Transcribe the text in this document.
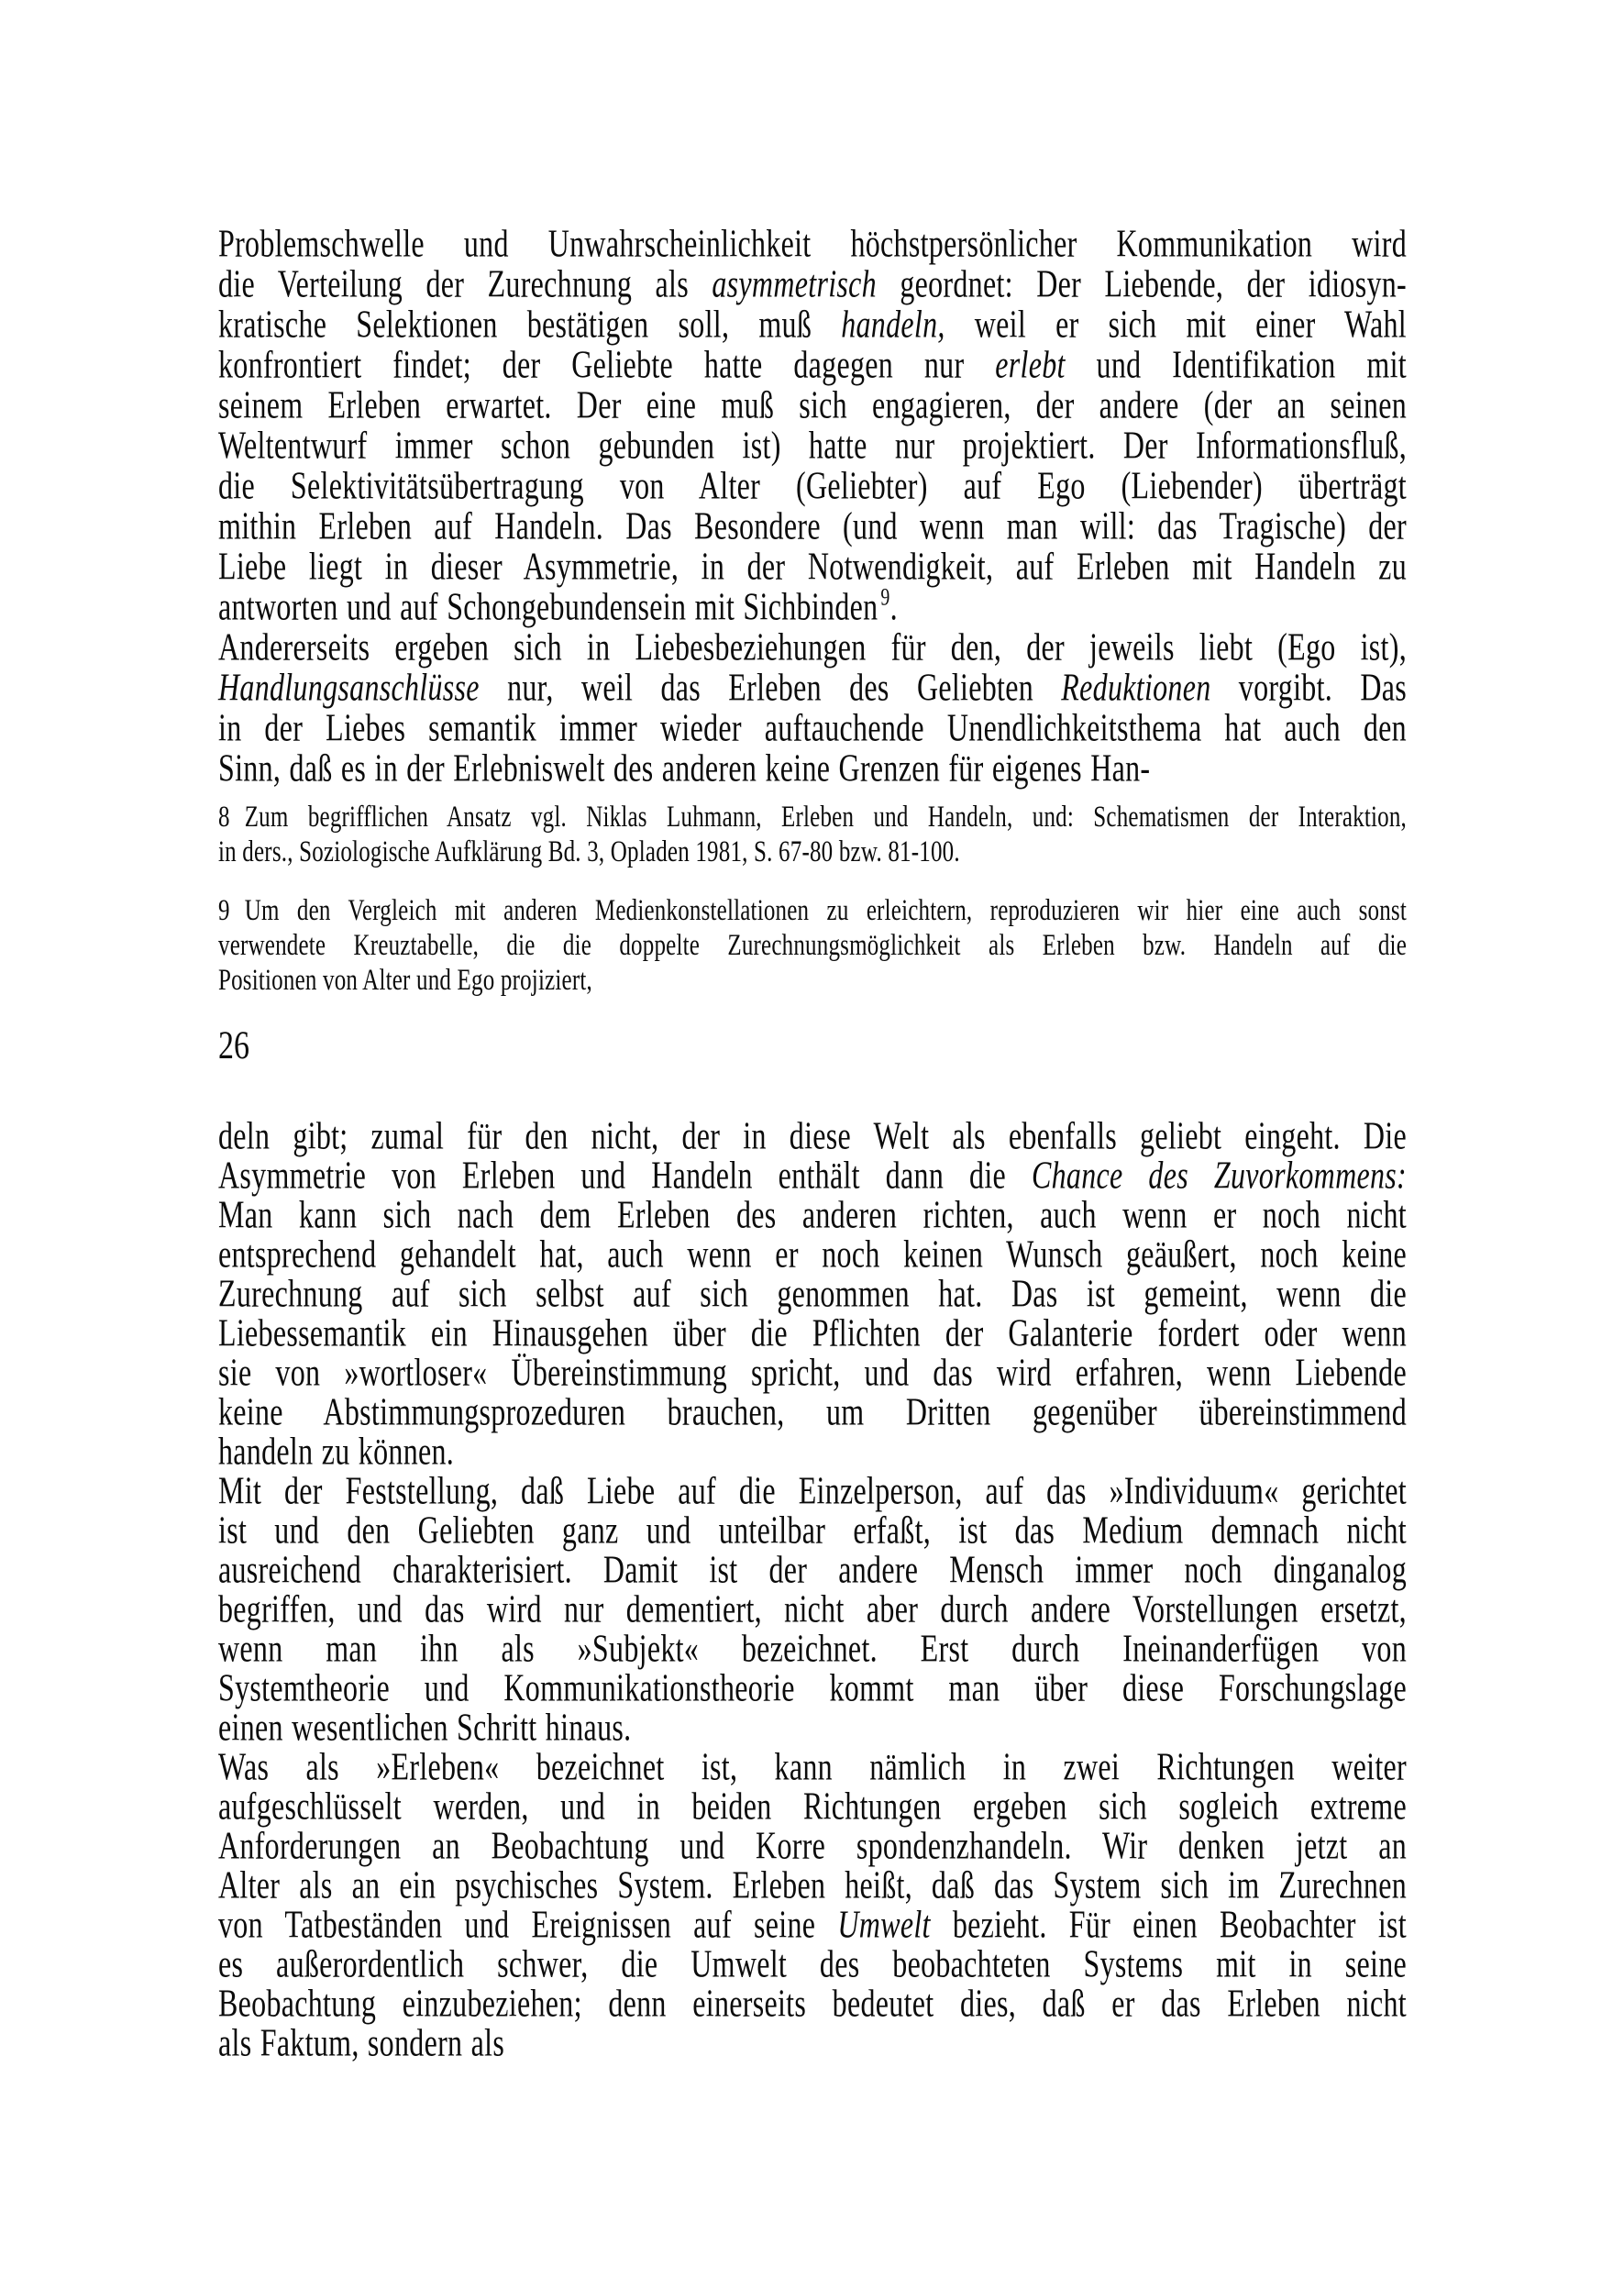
Problemschwelle und Unwahrscheinlichkeit höchstpersönlicher Kommunikation wird
die Verteilung der Zurechnung als asymmetrisch geordnet: Der Liebende, der idiosyn-
kratische Selektionen bestätigen soll, muß handeln, weil er sich mit einer Wahl
konfrontiert findet; der Geliebte hatte dagegen nur erlebt und Identifikation mit
seinem Erleben erwartet. Der eine muß sich engagieren, der andere (der an seinen
Weltentwurf immer schon gebunden ist) hatte nur projektiert. Der Informationsfluß,
die Selektivitätsübertragung von Alter (Geliebter) auf Ego (Liebender) überträgt
mithin Erleben auf Handeln. Das Besondere (und wenn man will: das Tragische) der
Liebe liegt in dieser Asymmetrie, in der Notwendigkeit, auf Erleben mit Handeln zu
antworten und auf Schongebundensein mit Sichbinden $^9$.
Andererseits ergeben sich in Liebesbeziehungen für den, der jeweils liebt (Ego ist),
Handlungsanschlüsse nur, weil das Erleben des Geliebten Reduktionen vorgibt. Das
in der Liebes semantik immer wieder auftauchende Unendlichkeitsthema hat auch den
Sinn, daß es in der Erlebniswelt des anderen keine Grenzen für eigenes Han-
8 Zum begrifflichen Ansatz vgl. Niklas Luhmann, Erleben und Handeln, und: Schematismen der Interaktion,
in ders., Soziologische Aufklärung Bd. 3, Opladen 1981, S. 67-80 bzw. 81-100.
9 Um den Vergleich mit anderen Medienkonstellationen zu erleichtern, reproduzieren wir hier eine auch sonst
verwendete Kreuztabelle, die die doppelte Zurechnungsmöglichkeit als Erleben bzw. Handeln auf die
Positionen von Alter und Ego projiziert,
26
deln gibt; zumal für den nicht, der in diese Welt als ebenfalls geliebt eingeht. Die
Asymmetrie von Erleben und Handeln enthält dann die Chance des Zuvorkommens:
Man kann sich nach dem Erleben des anderen richten, auch wenn er noch nicht
entsprechend gehandelt hat, auch wenn er noch keinen Wunsch geäußert, noch keine
Zurechnung auf sich selbst auf sich genommen hat. Das ist gemeint, wenn die
Liebessemantik ein Hinausgehen über die Pflichten der Galanterie fordert oder wenn
sie von »wortloser« Übereinstimmung spricht, und das wird erfahren, wenn Liebende
keine Abstimmungsprozeduren brauchen, um Dritten gegenüber übereinstimmend
handeln zu können.
Mit der Feststellung, daß Liebe auf die Einzelperson, auf das »Individuum« gerichtet
ist und den Geliebten ganz und unteilbar erfaßt, ist das Medium demnach nicht
ausreichend charakterisiert. Damit ist der andere Mensch immer noch dinganalog
begriffen, und das wird nur dementiert, nicht aber durch andere Vorstellungen ersetzt,
wenn man ihn als »Subjekt« bezeichnet. Erst durch Ineinanderfügen von
Systemtheorie und Kommunikationstheorie kommt man über diese Forschungslage
einen wesentlichen Schritt hinaus.
Was als »Erleben« bezeichnet ist, kann nämlich in zwei Richtungen weiter
aufgeschlüsselt werden, und in beiden Richtungen ergeben sich sogleich extreme
Anforderungen an Beobachtung und Korre spondenzhandeln. Wir denken jetzt an
Alter als an ein psychisches System. Erleben heißt, daß das System sich im Zurechnen
von Tatbeständen und Ereignissen auf seine Umwelt bezieht. Für einen Beobachter ist
es außerordentlich schwer, die Umwelt des beobachteten Systems mit in seine
Beobachtung einzubeziehen; denn einerseits bedeutet dies, daß er das Erleben nicht
als Faktum, sondern als
